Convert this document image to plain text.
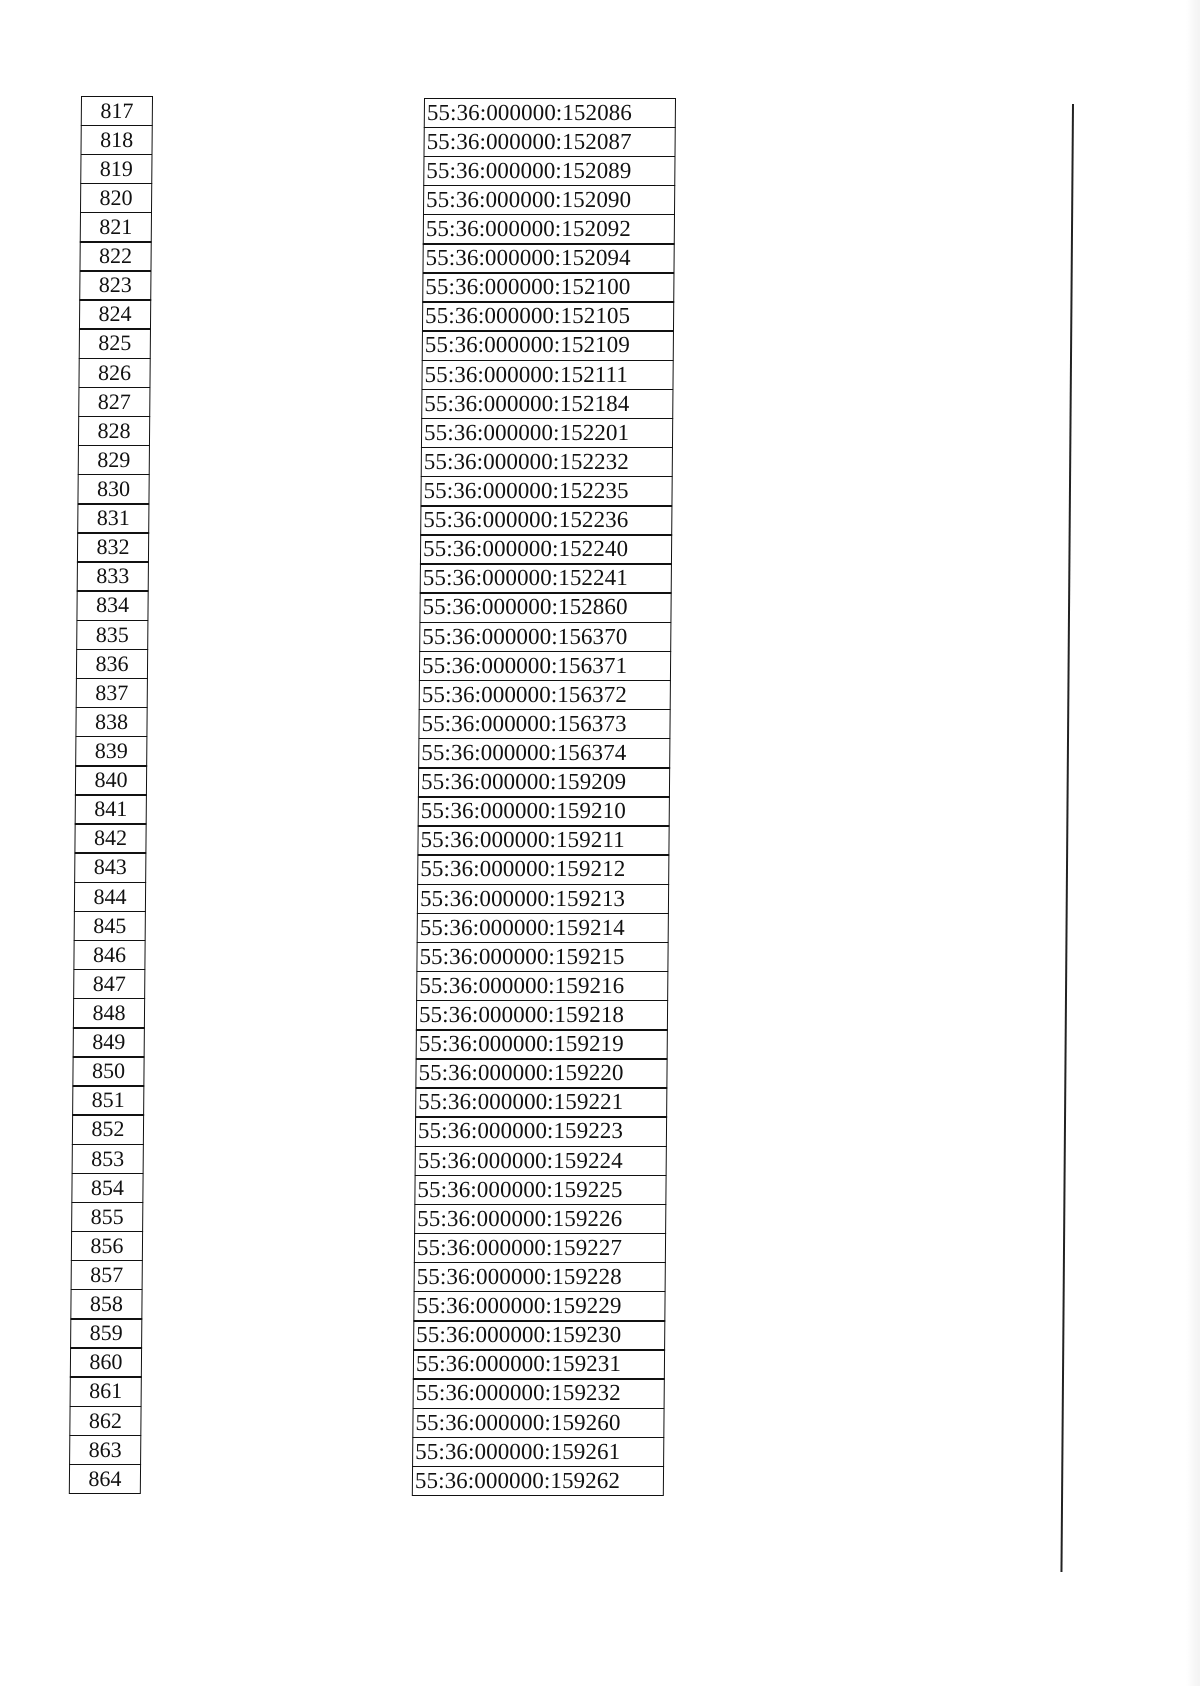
817
818
819
820
821
822
823
824
825
826
827
828
829
830
831
832
833
834
835
836
837
838
839
840
841
842
843
844
845
846
847
848
849
850
851
852
853
854
855
856
857
858
859
860
861
862
863
864
55:36:000000:152086
55:36:000000:152087
55:36:000000:152089
55:36:000000:152090
55:36:000000:152092
55:36:000000:152094
55:36:000000:152100
55:36:000000:152105
55:36:000000:152109
55:36:000000:152111
55:36:000000:152184
55:36:000000:152201
55:36:000000:152232
55:36:000000:152235
55:36:000000:152236
55:36:000000:152240
55:36:000000:152241
55:36:000000:152860
55:36:000000:156370
55:36:000000:156371
55:36:000000:156372
55:36:000000:156373
55:36:000000:156374
55:36:000000:159209
55:36:000000:159210
55:36:000000:159211
55:36:000000:159212
55:36:000000:159213
55:36:000000:159214
55:36:000000:159215
55:36:000000:159216
55:36:000000:159218
55:36:000000:159219
55:36:000000:159220
55:36:000000:159221
55:36:000000:159223
55:36:000000:159224
55:36:000000:159225
55:36:000000:159226
55:36:000000:159227
55:36:000000:159228
55:36:000000:159229
55:36:000000:159230
55:36:000000:159231
55:36:000000:159232
55:36:000000:159260
55:36:000000:159261
55:36:000000:159262
